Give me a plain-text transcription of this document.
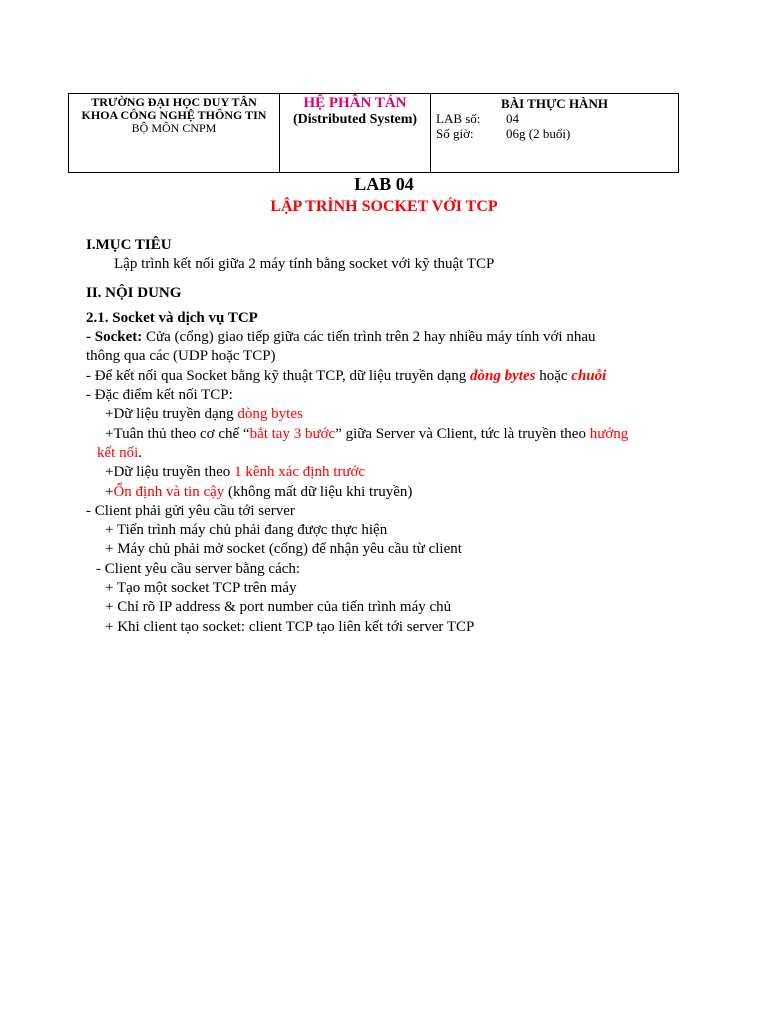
TRƯỜNG ĐẠI HỌC DUY TÂN
KHOA CÔNG NGHỆ THÔNG TIN
BỘ MÔN CNPM

HỆ PHÂN TÁN
(Distributed System)

BÀI THỰC HÀNH
LAB số:	04
Số giờ:	06g (2 buổi)
LAB 04
LẬP TRÌNH SOCKET VỚI TCP
I.MỤC TIÊU
Lập trình kết nối giữa 2 máy tính bằng socket với kỹ thuật TCP
II. NỘI DUNG
2.1. Socket và dịch vụ TCP
- Socket: Cửa (cổng) giao tiếp giữa các tiến trình trên 2 hay nhiều máy tính với nhau
thông qua các (UDP hoặc TCP)
- Để kết nối qua Socket bằng kỹ thuật TCP, dữ liệu truyền dạng dòng bytes hoặc chuỗi
- Đặc điểm kết nối TCP:
+Dữ liệu truyền dạng dòng bytes
+Tuân thủ theo cơ chế “bắt tay 3 bước” giữa Server và Client, tức là truyền theo hướng
kết nối.
+Dữ liệu truyền theo 1 kênh xác định trước
+Ổn định và tin cậy (không mất dữ liệu khi truyền)
- Client phải gửi yêu cầu tới server
+ Tiến trình máy chủ phải đang được thực hiện
+ Máy chủ phải mở socket (cổng) để nhận yêu cầu từ client
- Client yêu cầu server bằng cách:
+ Tạo một socket TCP trên máy
+ Chỉ rõ IP address & port number của tiến trình máy chủ
+ Khi client tạo socket: client TCP tạo liên kết tới server TCP
